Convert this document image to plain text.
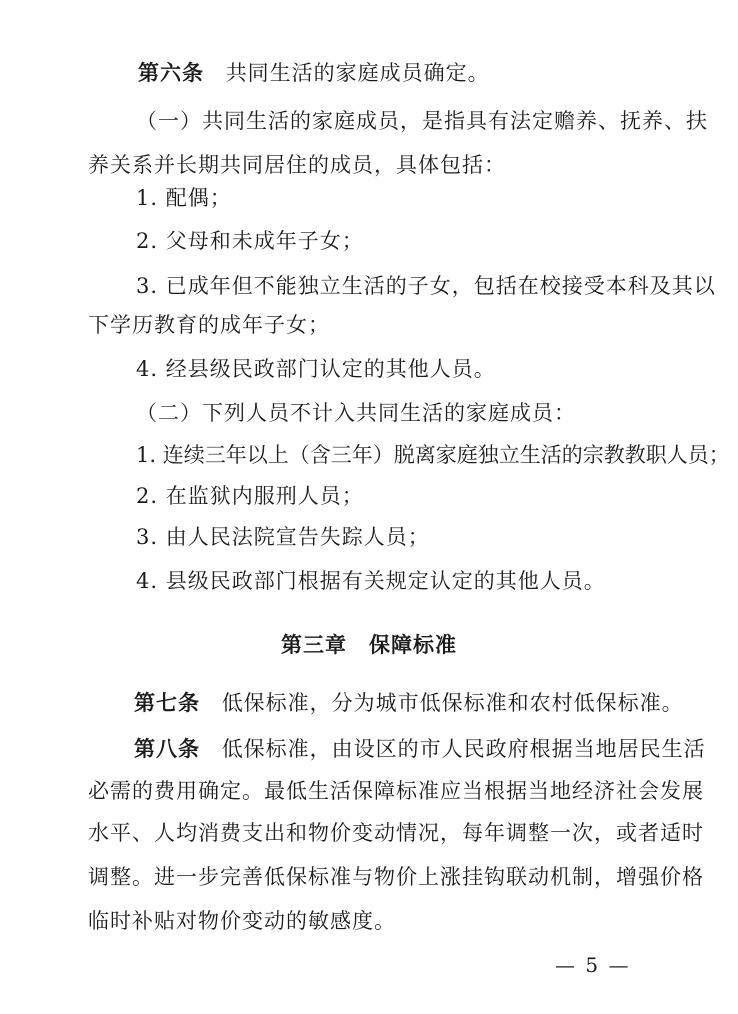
第六条 共同生活的家庭成员确定。
（一）共同生活的家庭成员，是指具有法定赡养、抚养、扶
养关系并长期共同居住的成员，具体包括：
1. 配偶；
2. 父母和未成年子女；
3. 已成年但不能独立生活的子女，包括在校接受本科及其以
下学历教育的成年子女；
4. 经县级民政部门认定的其他人员。
（二）下列人员不计入共同生活的家庭成员：
1. 连续三年以上（含三年）脱离家庭独立生活的宗教教职人员；
2. 在监狱内服刑人员；
3. 由人民法院宣告失踪人员；
4. 县级民政部门根据有关规定认定的其他人员。
第三章　保障标准
第七条 低保标准，分为城市低保标准和农村低保标准。
第八条 低保标准，由设区的市人民政府根据当地居民生活
必需的费用确定。最低生活保障标准应当根据当地经济社会发展
水平、人均消费支出和物价变动情况，每年调整一次，或者适时
调整。进一步完善低保标准与物价上涨挂钩联动机制，增强价格
临时补贴对物价变动的敏感度。
— 5 —
